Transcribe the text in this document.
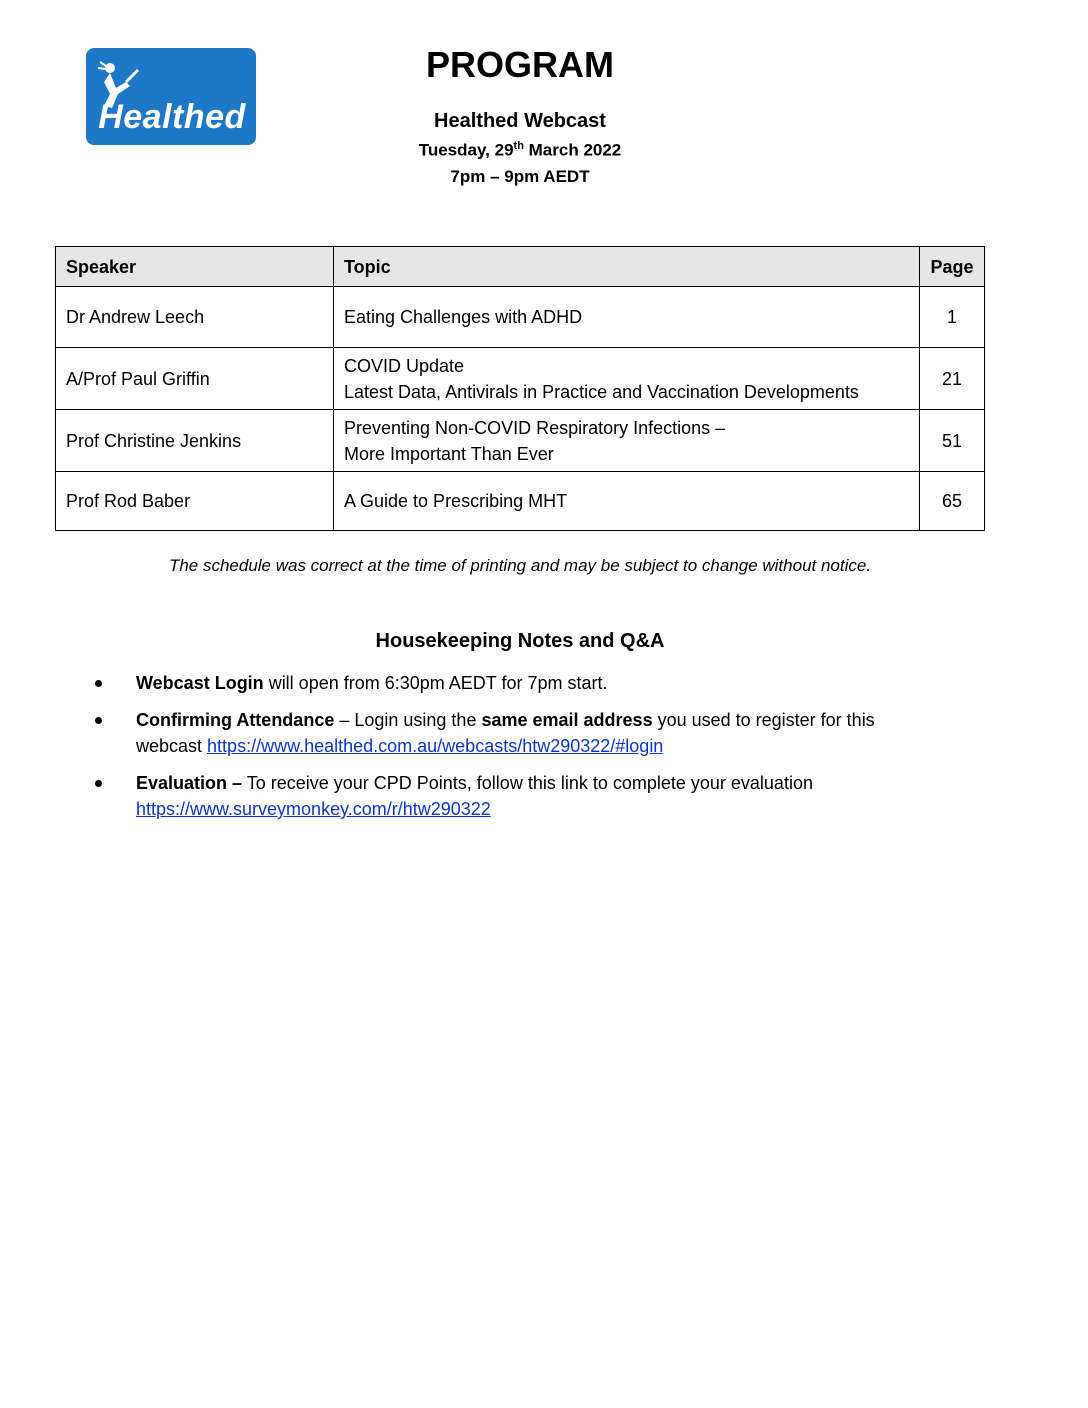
Healthed
PROGRAM
Healthed Webcast
Tuesday, 29th March 2022
7pm – 9pm AEDT
Speaker	Topic	Page
Dr Andrew Leech	Eating Challenges with ADHD	1
A/Prof Paul Griffin	COVID Update
Latest Data, Antivirals in Practice and Vaccination Developments	21
Prof Christine Jenkins	Preventing Non-COVID Respiratory Infections –
More Important Than Ever	51
Prof Rod Baber	A Guide to Prescribing MHT	65
The schedule was correct at the time of printing and may be subject to change without notice.
Housekeeping Notes and Q&A
Webcast Login will open from 6:30pm AEDT for 7pm start.
Confirming Attendance – Login using the same email address you used to register for this webcast https://www.healthed.com.au/webcasts/htw290322/#login
Evaluation – To receive your CPD Points, follow this link to complete your evaluation https://www.surveymonkey.com/r/htw290322
